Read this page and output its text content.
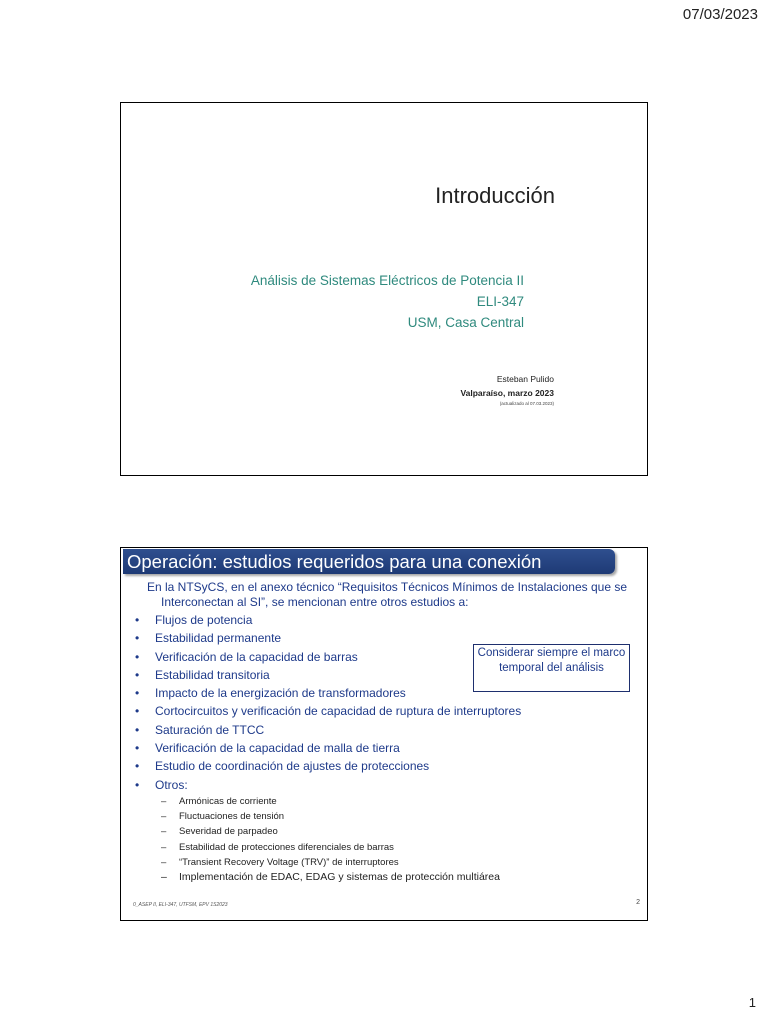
07/03/2023
Introducción
Análisis de Sistemas Eléctricos de Potencia II
ELI-347
USM, Casa Central
Esteban Pulido
Valparaíso, marzo 2023
(actualizado al 07.03.2023)
Operación: estudios requeridos para una conexión
En la NTSyCS, en el anexo técnico “Requisitos Técnicos Mínimos de Instalaciones que se Interconectan al SI”, se mencionan entre otros estudios a:
• Flujos de potencia
• Estabilidad permanente
• Verificación de la capacidad de barras
• Estabilidad transitoria
• Impacto de la energización de transformadores
• Cortocircuitos y verificación de capacidad de ruptura de interruptores
• Saturación de TTCC
• Verificación de la capacidad de malla de tierra
• Estudio de coordinación de ajustes de protecciones
• Otros:
– Armónicas de corriente
– Fluctuaciones de tensión
– Severidad de parpadeo
– Estabilidad de protecciones diferenciales de barras
– “Transient Recovery Voltage (TRV)” de interruptores
– Implementación de EDAC, EDAG y sistemas de protección multiárea
Considerar siempre el marco temporal del análisis
0_ASEP II, ELI-347, UTFSM, EPV 1S2023	2
1
